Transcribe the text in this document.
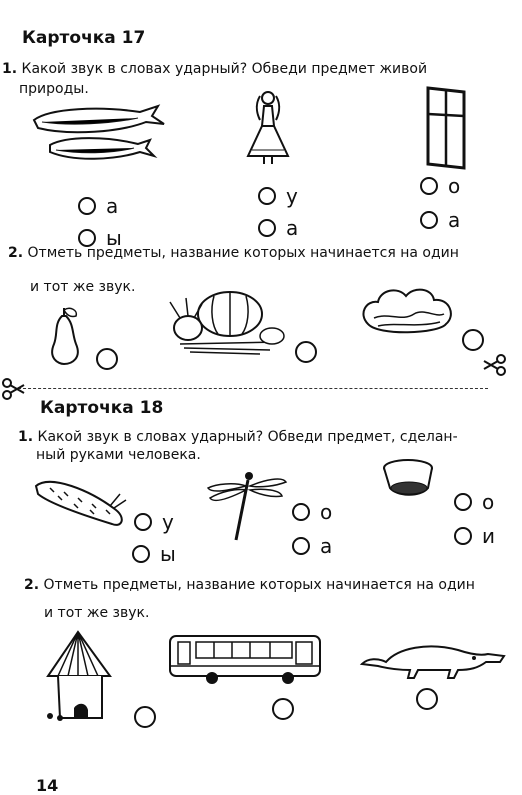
Карточка 17
1. Какой звук в словах ударный? Обведи предмет живой
природы.
а
ы
у
а
о
а
2. Отметь предметы, название которых начинается на один
и тот же звук.
Карточка 18
1. Какой звук в словах ударный? Обведи предмет, сделан-
ный руками человека.
у
ы
о
а
о
и
2. Отметь предметы, название которых начинается на один
и тот же звук.
14
